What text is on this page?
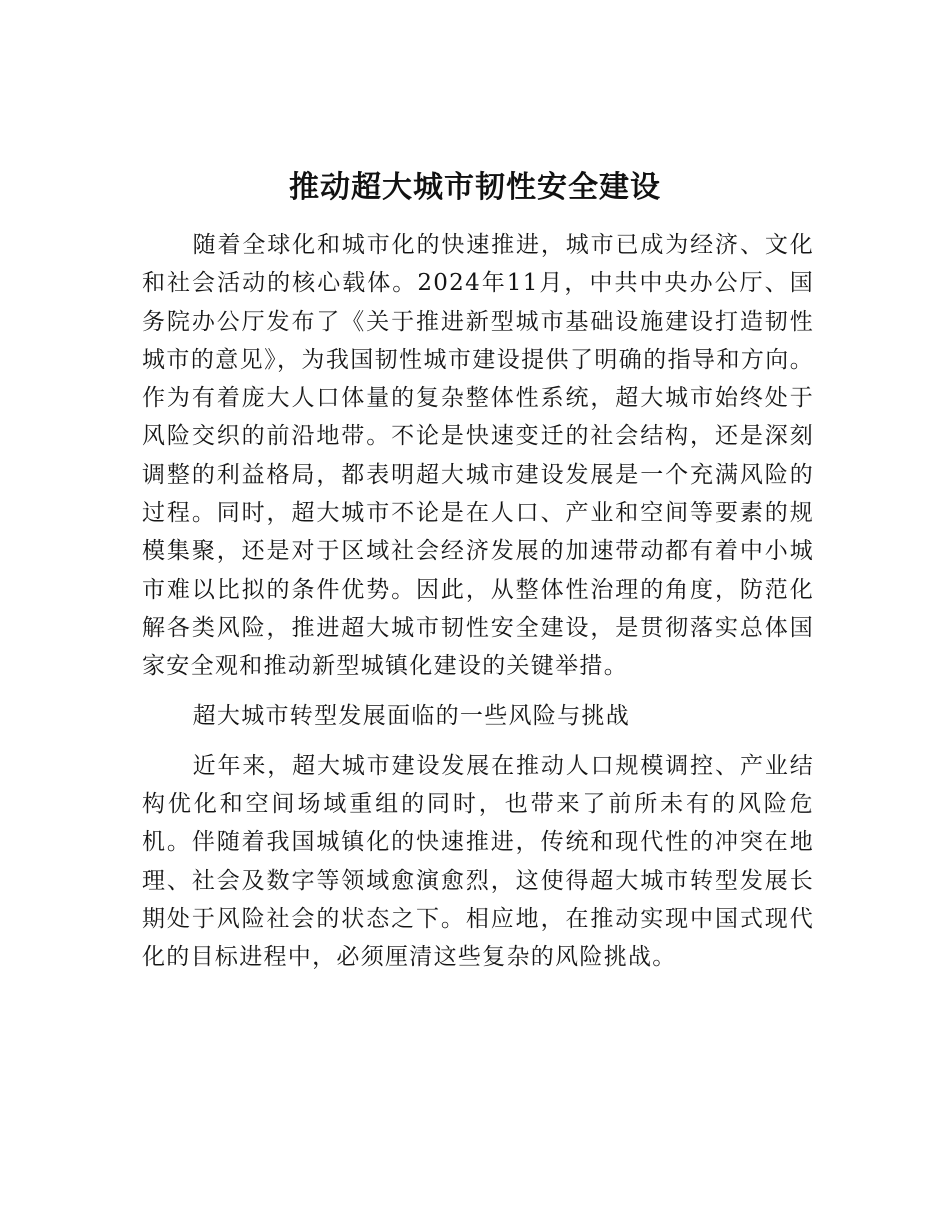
推动超大城市韧性安全建设

随着全球化和城市化的快速推进，城市已成为经济、文化和社会活动的核心载体。2024年11月，中共中央办公厅、国务院办公厅发布了《关于推进新型城市基础设施建设打造韧性城市的意见》，为我国韧性城市建设提供了明确的指导和方向。作为有着庞大人口体量的复杂整体性系统，超大城市始终处于风险交织的前沿地带。不论是快速变迁的社会结构，还是深刻调整的利益格局，都表明超大城市建设发展是一个充满风险的过程。同时，超大城市不论是在人口、产业和空间等要素的规模集聚，还是对于区域社会经济发展的加速带动都有着中小城市难以比拟的条件优势。因此，从整体性治理的角度，防范化解各类风险，推进超大城市韧性安全建设，是贯彻落实总体国家安全观和推动新型城镇化建设的关键举措。

超大城市转型发展面临的一些风险与挑战

近年来，超大城市建设发展在推动人口规模调控、产业结构优化和空间场域重组的同时，也带来了前所未有的风险危机。伴随着我国城镇化的快速推进，传统和现代性的冲突在地理、社会及数字等领域愈演愈烈，这使得超大城市转型发展长期处于风险社会的状态之下。相应地，在推动实现中国式现代化的目标进程中，必须厘清这些复杂的风险挑战。
